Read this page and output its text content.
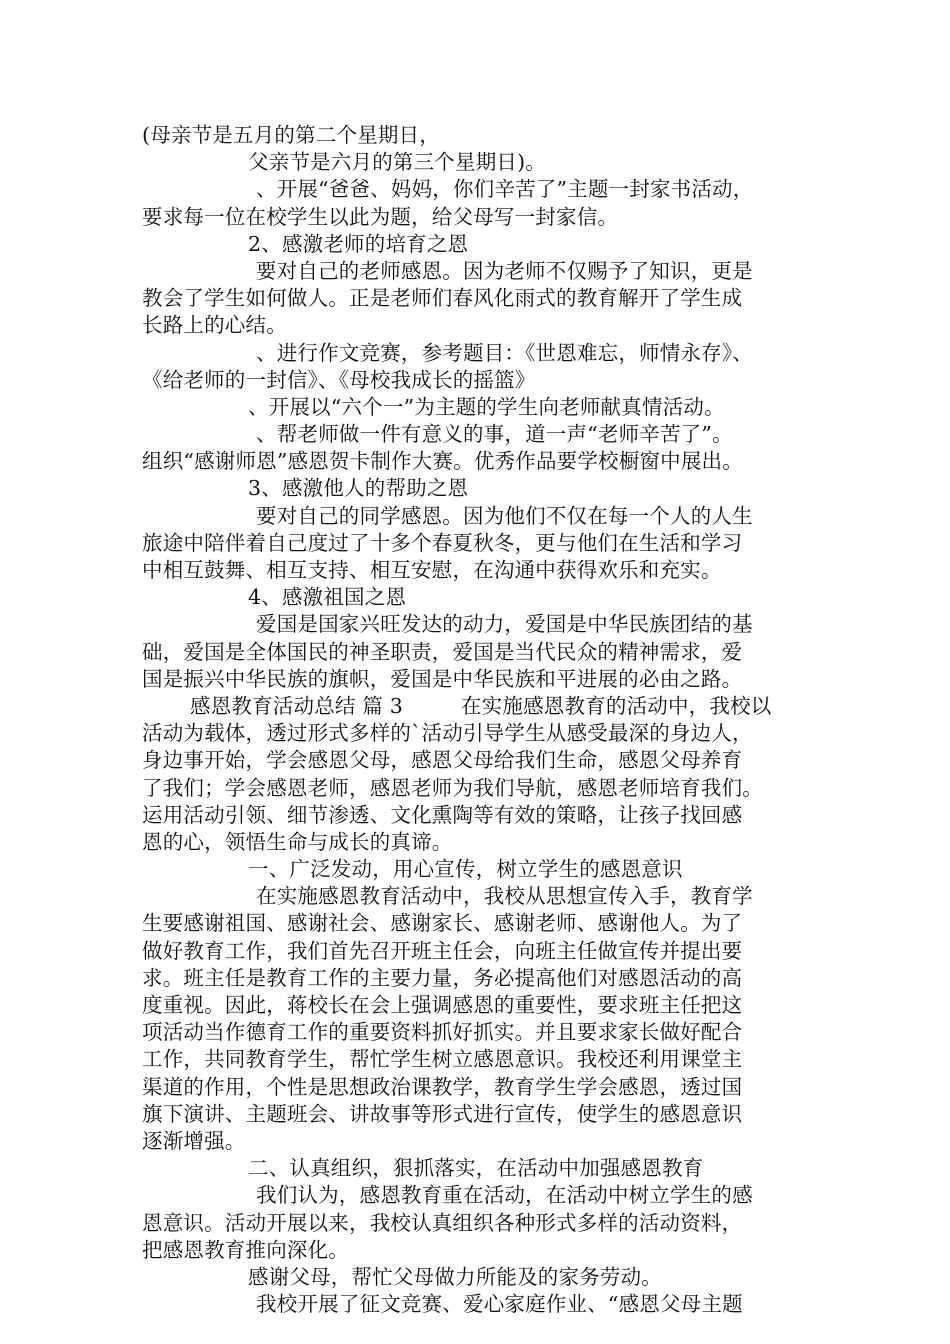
(母亲节是五月的第二个星期日，
父亲节是六月的第三个星期日)。
、开展“爸爸、妈妈，你们辛苦了”主题一封家书活动，
要求每一位在校学生以此为题，给父母写一封家信。
2、感激老师的培育之恩
要对自己的老师感恩。因为老师不仅赐予了知识，更是
教会了学生如何做人。正是老师们春风化雨式的教育解开了学生成
长路上的心结。
、进行作文竞赛，参考题目：《世恩难忘，师情永存》、
《给老师的一封信》、《母校我成长的摇篮》
、开展以“六个一”为主题的学生向老师献真情活动。
、帮老师做一件有意义的事，道一声“老师辛苦了”。
组织“感谢师恩”感恩贺卡制作大赛。优秀作品要学校橱窗中展出。
3、感激他人的帮助之恩
要对自己的同学感恩。因为他们不仅在每一个人的人生
旅途中陪伴着自己度过了十多个春夏秋冬，更与他们在生活和学习
中相互鼓舞、相互支持、相互安慰，在沟通中获得欢乐和充实。
4、感激祖国之恩
爱国是国家兴旺发达的动力，爱国是中华民族团结的基
础，爱国是全体国民的神圣职责，爱国是当代民众的精神需求，爱
国是振兴中华民族的旗帜，爱国是中华民族和平进展的必由之路。
感恩教育活动总结 篇 3	在实施感恩教育的活动中，我校以
活动为载体，透过形式多样的`活动引导学生从感受最深的身边人，
身边事开始，学会感恩父母，感恩父母给我们生命，感恩父母养育
了我们；学会感恩老师，感恩老师为我们导航，感恩老师培育我们。
运用活动引领、细节渗透、文化熏陶等有效的策略，让孩子找回感
恩的心，领悟生命与成长的真谛。
一、广泛发动，用心宣传，树立学生的感恩意识
在实施感恩教育活动中，我校从思想宣传入手，教育学
生要感谢祖国、感谢社会、感谢家长、感谢老师、感谢他人。为了
做好教育工作，我们首先召开班主任会，向班主任做宣传并提出要
求。班主任是教育工作的主要力量，务必提高他们对感恩活动的高
度重视。因此，蒋校长在会上强调感恩的重要性，要求班主任把这
项活动当作德育工作的重要资料抓好抓实。并且要求家长做好配合
工作，共同教育学生，帮忙学生树立感恩意识。我校还利用课堂主
渠道的作用，个性是思想政治课教学，教育学生学会感恩，透过国
旗下演讲、主题班会、讲故事等形式进行宣传，使学生的感恩意识
逐渐增强。
二、认真组织，狠抓落实，在活动中加强感恩教育
我们认为，感恩教育重在活动，在活动中树立学生的感
恩意识。活动开展以来，我校认真组织各种形式多样的活动资料，
把感恩教育推向深化。
感谢父母，帮忙父母做力所能及的家务劳动。
我校开展了征文竞赛、爱心家庭作业、“感恩父母主题
